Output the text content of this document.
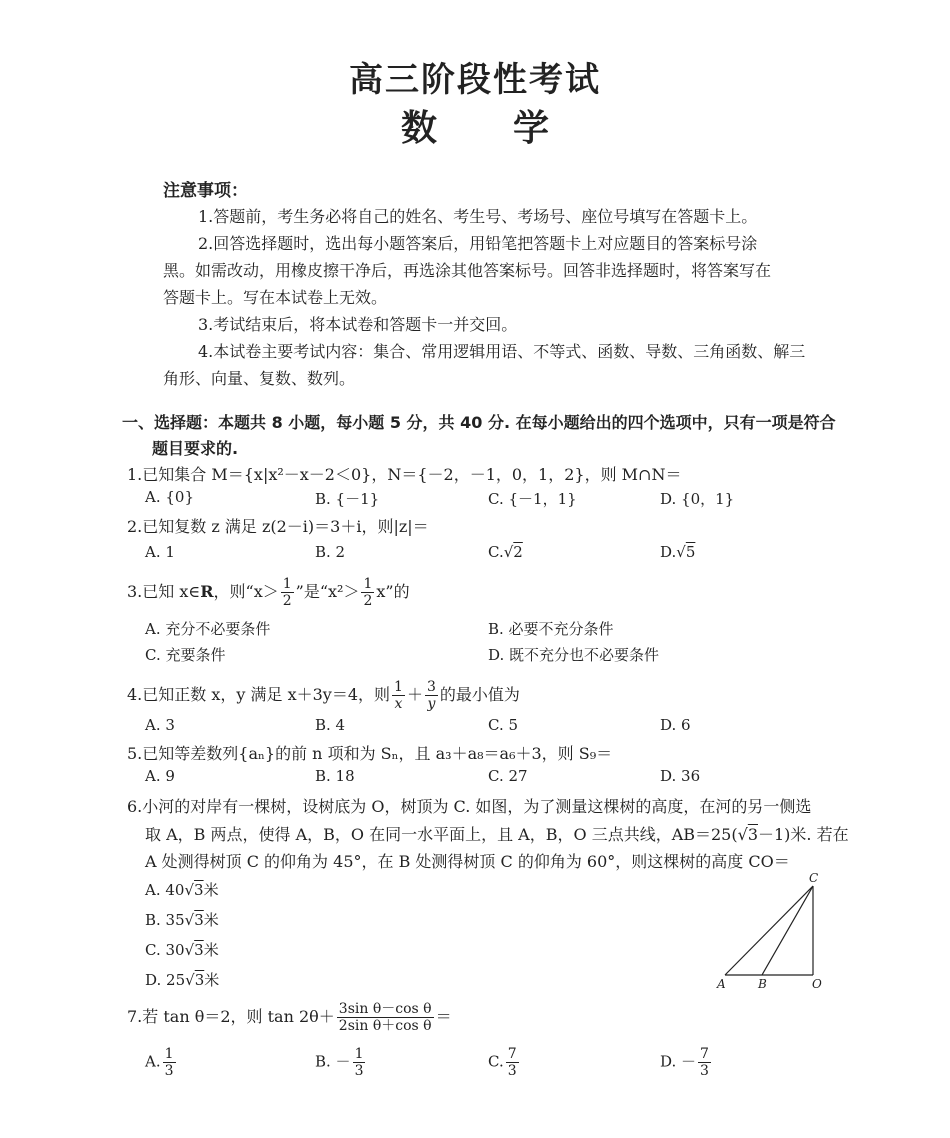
高三阶段性考试
数 学
注意事项：
1.答题前，考生务必将自己的姓名、考生号、考场号、座位号填写在答题卡上。
2.回答选择题时，选出每小题答案后，用铅笔把答题卡上对应题目的答案标号涂
黑。如需改动，用橡皮擦干净后，再选涂其他答案标号。回答非选择题时，将答案写在
答题卡上。写在本试卷上无效。
3.考试结束后，将本试卷和答题卡一并交回。
4.本试卷主要考试内容：集合、常用逻辑用语、不等式、函数、导数、三角函数、解三
角形、向量、复数、数列。
一、选择题：本题共 8 小题，每小题 5 分，共 40 分. 在每小题给出的四个选项中，只有一项是符合
题目要求的.
1.已知集合 M＝{x|x²－x－2＜0}，N＝{－2，－1，0，1，2}，则 M∩N＝
A. {0}	B. {－1}	C. {－1，1}	D. {0，1}
2.已知复数 z 满足 z(2－i)＝3＋i，则|z|＝
A. 1	B. 2	C.√2	D.√5
3.已知 x∈R，则“$x> \frac{1}{2}$ ”是“$x^2> \frac{1}{2} x$”的
A. 充分不必要条件	B. 必要不充分条件
C. 充要条件	D. 既不充分也不必要条件
4.已知正数 x，y 满足 x＋3y＝4，则 $\frac{1}{x} + \frac{3}{y}$ 的最小值为
A. 3	B. 4	C. 5	D. 6
5.已知等差数列{aₙ}的前 n 项和为 Sₙ，且 a₃＋a₈＝a₆＋3，则 S₉＝
A. 9	B. 18	C. 27	D. 36
6.小河的对岸有一棵树，设树底为 O，树顶为 C. 如图，为了测量这棵树的高度，在河的另一侧选
取 A，B 两点，使得 A，B，O 在同一水平面上，且 A，B，O 三点共线，AB＝25(√3－1)米. 若在
A 处测得树顶 C 的仰角为 45°，在 B 处测得树顶 C 的仰角为 60°，则这棵树的高度 CO＝
A. 40√3米
B. 35√3米
C. 30√3米
D. 25√3米
C
A	B	O
7.若 tan θ＝2，则 $\tan 2\theta+ \frac{\text{3sin θ－cos θ}}{\text{2sin θ＋cos θ}}$ ＝
A. $\frac{1}{3}$	B. － $\frac{1}{3}$	C. $\frac{7}{3}$	D. － $\frac{7}{3}$
